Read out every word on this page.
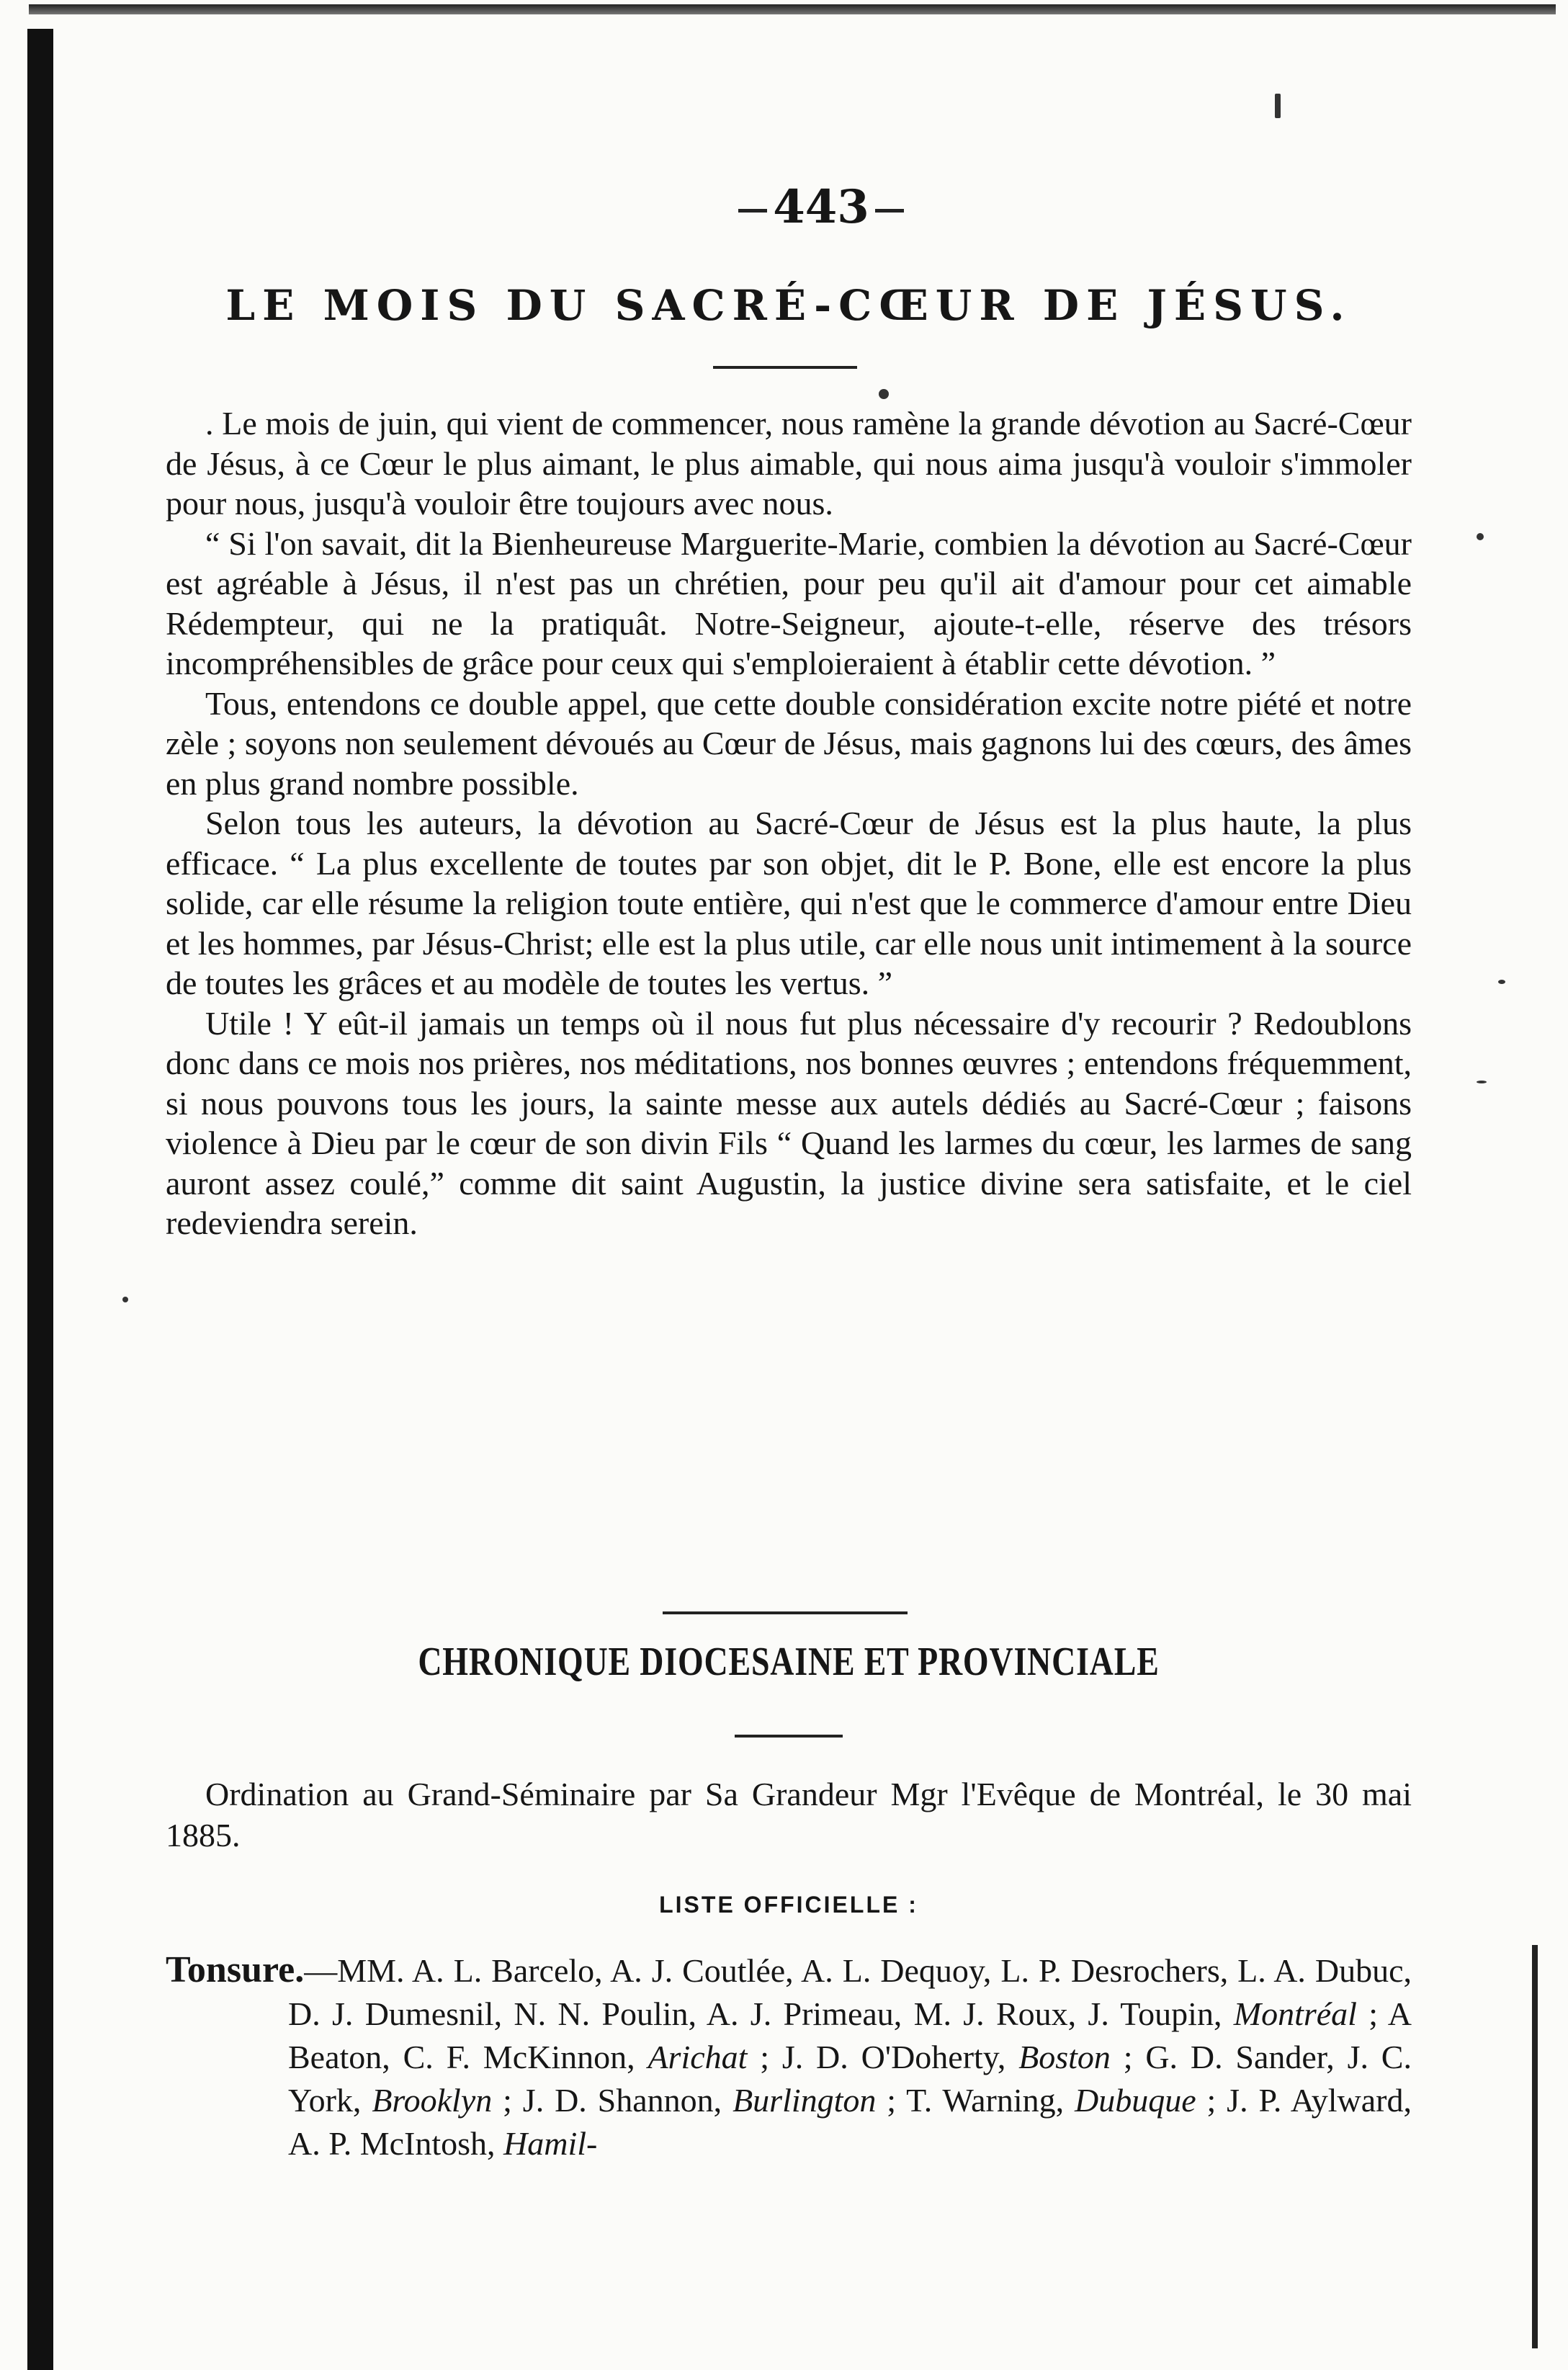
443
LE MOIS DU SACRÉ-CŒUR DE JÉSUS.

. Le mois de juin, qui vient de commencer, nous ramène la grande dévotion au Sacré-Cœur de Jésus, à ce Cœur le plus aimant, le plus aimable, qui nous aima jusqu'à vouloir s'immoler pour nous, jusqu'à vouloir être toujours avec nous.

“ Si l'on savait, dit la Bienheureuse Marguerite-Marie, combien la dévotion au Sacré-Cœur est agréable à Jésus, il n'est pas un chrétien, pour peu qu'il ait d'amour pour cet aimable Rédempteur, qui ne la pratiquât. Notre-Seigneur, ajoute-t-elle, réserve des trésors incompréhensibles de grâce pour ceux qui s'emploieraient à établir cette dévotion. ”

Tous, entendons ce double appel, que cette double considération excite notre piété et notre zèle ; soyons non seulement dévoués au Cœur de Jésus, mais gagnons lui des cœurs, des âmes en plus grand nombre possible.

Selon tous les auteurs, la dévotion au Sacré-Cœur de Jésus est la plus haute, la plus efficace. “ La plus excellente de toutes par son objet, dit le P. Bone, elle est encore la plus solide, car elle résume la religion toute entière, qui n'est que le commerce d'amour entre Dieu et les hommes, par Jésus-Christ; elle est la plus utile, car elle nous unit intimement à la source de toutes les grâces et au modèle de toutes les vertus. ”

Utile ! Y eût-il jamais un temps où il nous fut plus nécessaire d'y recourir ? Redoublons donc dans ce mois nos prières, nos méditations, nos bonnes œuvres ; entendons fréquemment, si nous pouvons tous les jours, la sainte messe aux autels dédiés au Sacré-Cœur ; faisons violence à Dieu par le cœur de son divin Fils “ Quand les larmes du cœur, les larmes de sang auront assez coulé,” comme dit saint Augustin, la justice divine sera satisfaite, et le ciel redeviendra serein.

CHRONIQUE DIOCESAINE ET PROVINCIALE

Ordination au Grand-Séminaire par Sa Grandeur Mgr l'Evêque de Montréal, le 30 mai 1885.

LISTE OFFICIELLE :
Tonsure.—MM. A. L. Barcelo, A. J. Coutlée, A. L. Dequoy, L. P. Desrochers, L. A. Dubuc, D. J. Dumesnil, N. N. Poulin, A. J. Primeau, M. J. Roux, J. Toupin, Montréal ; A Beaton, C. F. McKinnon, Arichat ; J. D. O'Doherty, Boston ; G. D. Sander, J. C. York, Brooklyn ; J. D. Shannon, Burlington ; T. Warning, Dubuque ; J. P. Aylward, A. P. McIntosh, Hamil-
